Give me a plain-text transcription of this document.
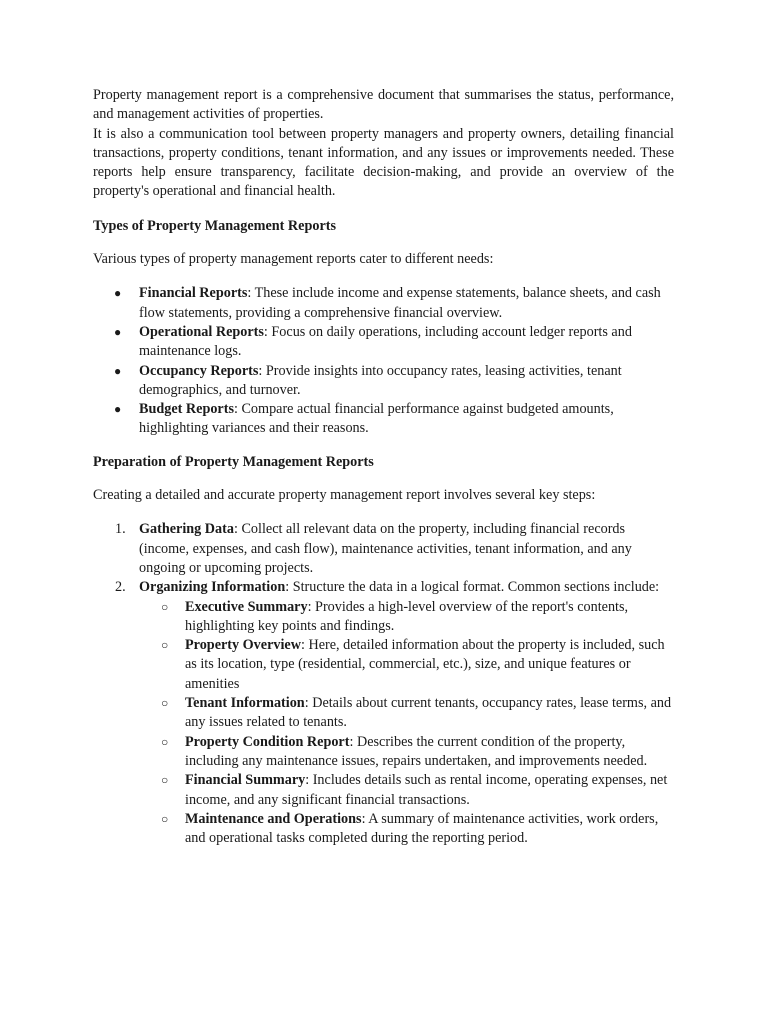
Property management report is a comprehensive document that summarises the status, performance, and management activities of properties.

It is also a communication tool between property managers and property owners, detailing financial transactions, property conditions, tenant information, and any issues or improvements needed. These reports help ensure transparency, facilitate decision-making, and provide an overview of the property's operational and financial health.

Types of Property Management Reports

Various types of property management reports cater to different needs:

● Financial Reports: These include income and expense statements, balance sheets, and cash flow statements, providing a comprehensive financial overview.
● Operational Reports: Focus on daily operations, including account ledger reports and maintenance logs.
● Occupancy Reports: Provide insights into occupancy rates, leasing activities, tenant demographics, and turnover.
● Budget Reports: Compare actual financial performance against budgeted amounts, highlighting variances and their reasons.
Preparation of Property Management Reports

Creating a detailed and accurate property management report involves several key steps:

1. Gathering Data: Collect all relevant data on the property, including financial records (income, expenses, and cash flow), maintenance activities, tenant information, and any ongoing or upcoming projects.
2. Organizing Information: Structure the data in a logical format. Common sections include:
○ Executive Summary: Provides a high-level overview of the report's contents, highlighting key points and findings.
○ Property Overview: Here, detailed information about the property is included, such as its location, type (residential, commercial, etc.), size, and unique features or amenities
○ Tenant Information: Details about current tenants, occupancy rates, lease terms, and any issues related to tenants.
○ Property Condition Report: Describes the current condition of the property, including any maintenance issues, repairs undertaken, and improvements needed.
○ Financial Summary: Includes details such as rental income, operating expenses, net income, and any significant financial transactions.
○ Maintenance and Operations: A summary of maintenance activities, work orders, and operational tasks completed during the reporting period.
